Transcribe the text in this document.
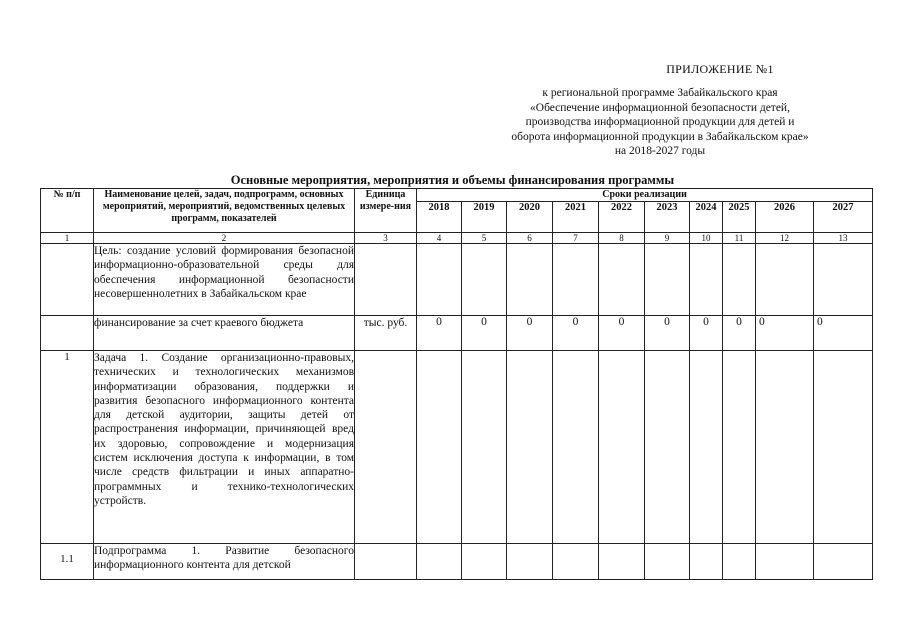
ПРИЛОЖЕНИЕ №1
к региональной программе Забайкальского края
«Обеспечение информационной безопасности детей,
производства информационной продукции для детей и
оборота информационной продукции в Забайкальском крае»
на 2018-2027 годы
Основные мероприятия, мероприятия и объемы финансирования программы
№ п/п	Наименование целей, задач, подпрограмм, основных мероприятий, мероприятий, ведомственных целевых программ, показателей	Единица измере-ния	Сроки реализации									
			2018	2019	2020	2021	2022	2023	2024	2025	2026	2027
1	2	3	4	5	6	7	8	9	10	11	12	13
	Цель: создание условий формирования безопасной информационно-образовательной среды для обеспечения информационной безопасности несовершеннолетних в Забайкальском крае											
	финансирование за счет краевого бюджета	тыс. руб.	0	0	0	0	0	0	0	0	0	0
1	Задача 1. Создание организационно-правовых, технических и технологических механизмов информатизации образования, поддержки и развития безопасного информационного контента для детской аудитории, защиты детей от распространения информации, причиняющей вред их здоровью, сопровождение и модернизация систем исключения доступа к информации, в том числе средств фильтрации и иных аппаратно-программных и технико-технологических устройств.											
1.1	Подпрограмма 1. Развитие безопасного информационного контента для детской											
